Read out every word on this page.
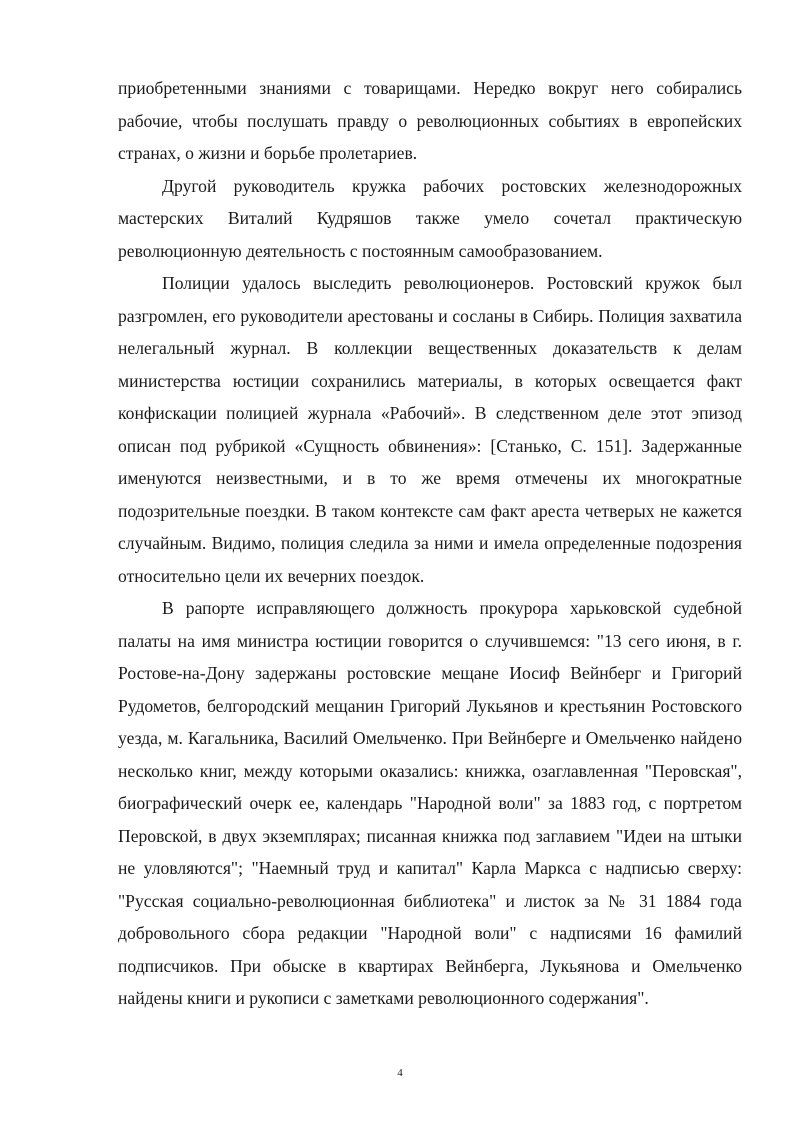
приобретенными знаниями с товарищами. Нередко вокруг него собирались рабочие, чтобы послушать правду о революционных событиях в европейских странах, о жизни и борьбе пролетариев.

Другой руководитель кружка рабочих ростовских железнодорожных мастерских Виталий Кудряшов также умело сочетал практическую революционную деятельность с постоянным самообразованием.

Полиции удалось выследить революционеров. Ростовский кружок был разгромлен, его руководители арестованы и сосланы в Сибирь. Полиция захватила нелегальный журнал. В коллекции вещественных доказательств к делам министерства юстиции сохранились материалы, в которых освещается факт конфискации полицией журнала «Рабочий». В следственном деле этот эпизод описан под рубрикой «Сущность обвинения»: [Станько, С. 151]. Задержанные именуются неизвестными, и в то же время отмечены их многократные подозрительные поездки. В таком контексте сам факт ареста четверых не кажется случайным. Видимо, полиция следила за ними и имела определенные подозрения относительно цели их вечерних поездок.

В рапорте исправляющего должность прокурора харьковской судебной палаты на имя министра юстиции говорится о случившемся: "13 сего июня, в г. Ростове-на-Дону задержаны ростовские мещане Иосиф Вейнберг и Григорий Рудометов, белгородский мещанин Григорий Лукьянов и крестьянин Ростовского уезда, м. Кагальника, Василий Омельченко. При Вейнберге и Омельченко найдено несколько книг, между которыми оказались: книжка, озаглавленная "Перовская", биографический очерк ее, календарь "Народной воли" за 1883 год, с портретом Перовской, в двух экземплярах; писанная книжка под заглавием "Идеи на штыки не уловляются"; "Наемный труд и капитал" Карла Маркса с надписью сверху: "Русская социально-революционная библиотека" и листок за № 31 1884 года добровольного сбора редакции "Народной воли" с надписями 16 фамилий подписчиков. При обыске в квартирах Вейнберга, Лукьянова и Омельченко найдены книги и рукописи с заметками революционного содержания".

4
